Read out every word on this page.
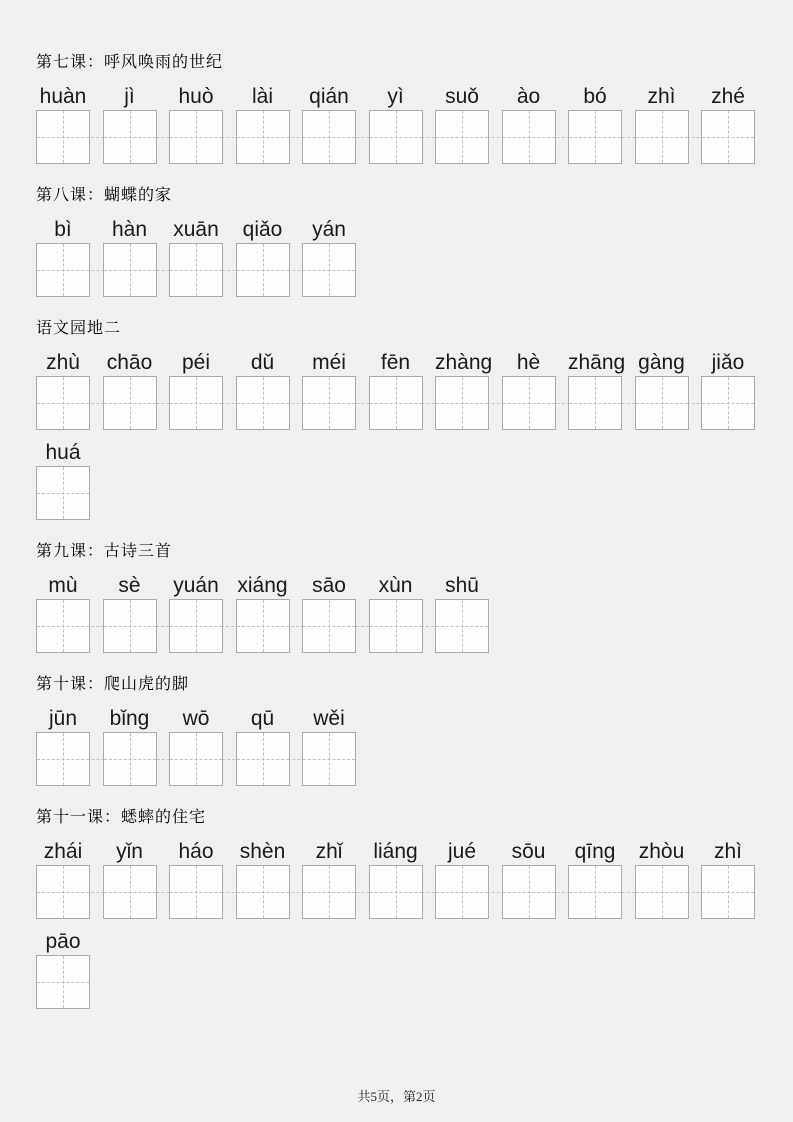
第七课：呼风唤雨的世纪
huàn	jì	huò	lài	qián	yì	suǒ	ào	bó	zhì	zhé
第八课：蝴蝶的家
bì	hàn	xuān	qiǎo	yán
语文园地二
zhù	chāo	péi	dǔ	méi	fēn	zhàng	hè	zhāng gàng	jiǎo
huá
第九课：古诗三首
mù	sè	yuán xiáng	sāo	xùn	shū
第十课：爬山虎的脚
jūn	bǐng	wō	qū	wěi
第十一课：蟋蟀的住宅
zhái	yǐn	háo	shèn	zhǐ	liáng	jué	sōu	qīng	zhòu	zhì
pāo
共5页，第2页
